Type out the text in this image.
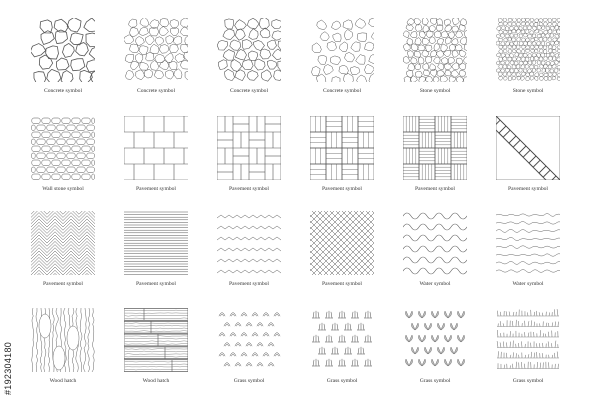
Concrete symbol	Concrete symbol	Concrete symbol	Concrete symbol	Stone symbol	Stone symbol
Wall stone symbol	Pavement symbol	Pavement symbol	Pavement symbol	Pavement symbol	Pavement symbol
Pavement symbol	Pavement symbol	Pavement symbol	Pavement symbol	Water symbol	Water symbol
Wood hatch	Wood hatch	Grass symbol	Grass symbol	Grass symbol	Grass symbol
#192304180
